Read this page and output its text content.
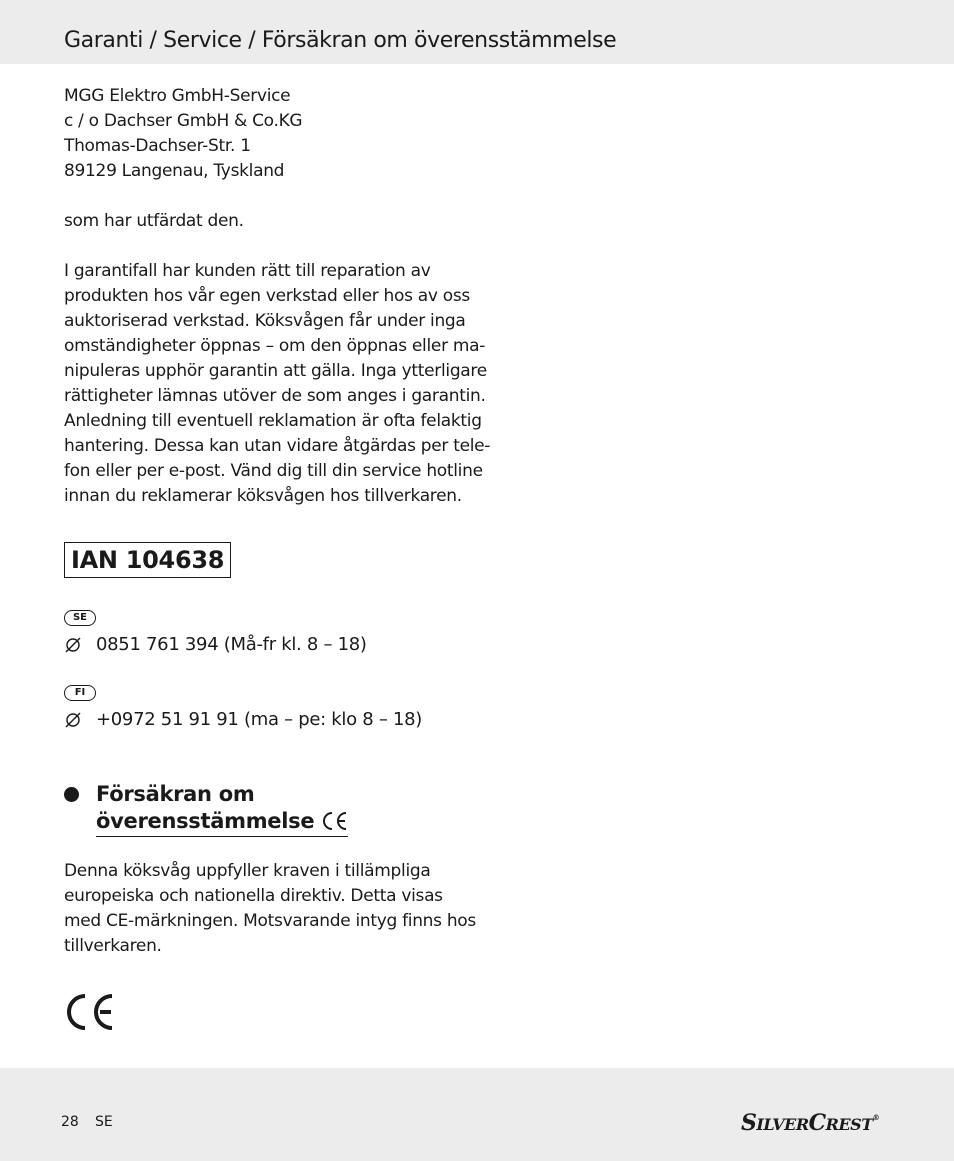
Garanti / Service / Försäkran om överensstämmelse
MGG Elektro GmbH-Service
c / o Dachser GmbH & Co.KG
Thomas-Dachser-Str. 1
89129 Langenau, Tyskland
som har utfärdat den.
I garantifall har kunden rätt till reparation av
produkten hos vår egen verkstad eller hos av oss
auktoriserad verkstad. Köksvågen får under inga
omständigheter öppnas – om den öppnas eller ma-
nipuleras upphör garantin att gälla. Inga ytterligare
rättigheter lämnas utöver de som anges i garantin.
Anledning till eventuell reklamation är ofta felaktig
hantering. Dessa kan utan vidare åtgärdas per tele-
fon eller per e-post. Vänd dig till din service hotline
innan du reklamerar köksvågen hos tillverkaren.
IAN 104638
SE
0851 761 394 (Må-fr kl. 8 – 18)
FI
+0972 51 91 91 (ma – pe: klo 8 – 18)
Försäkran om
överensstämmelse
Denna köksvåg uppfyller kraven i tillämpliga
europeiska och nationella direktiv. Detta visas
med CE-märkningen. Motsvarande intyg finns hos
tillverkaren.
28 SE	SILVERCREST®
